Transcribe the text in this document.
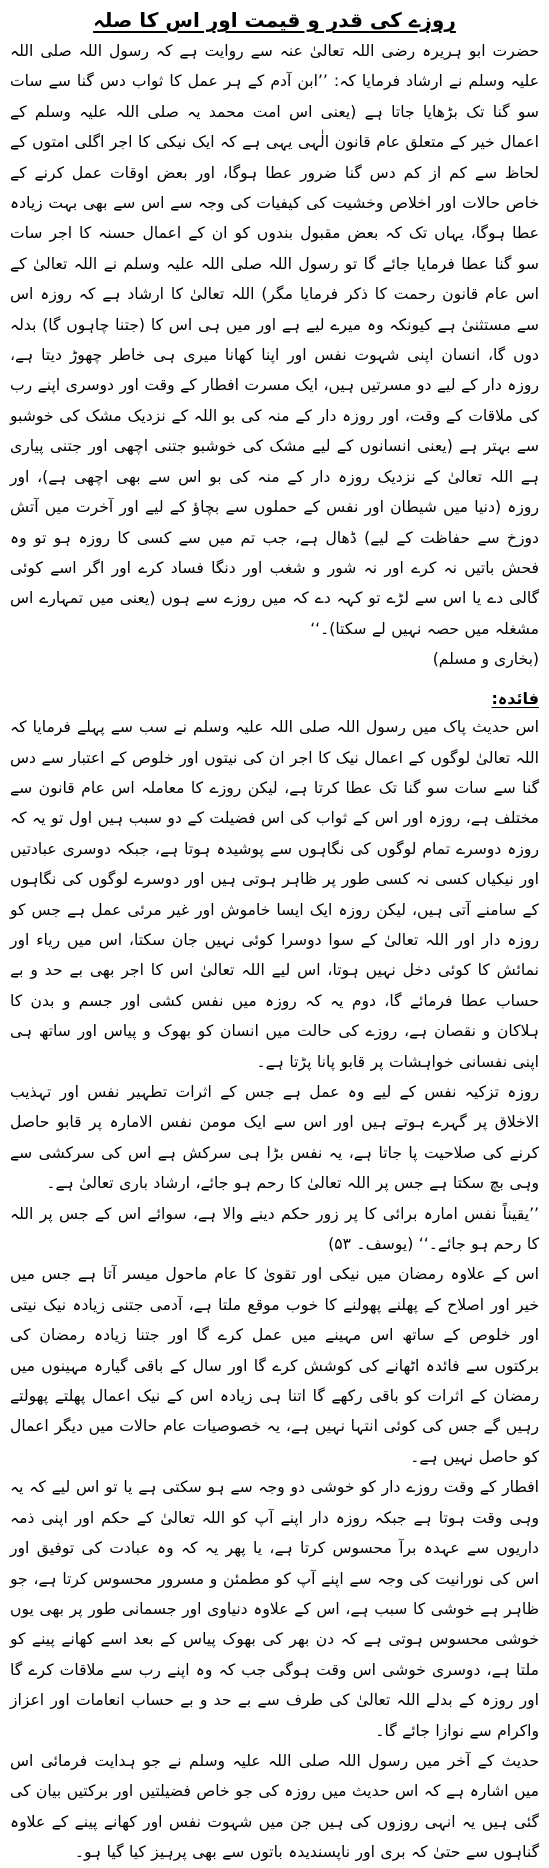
روزے کی قدر و قیمت اور اس کا صلہ

حضرت ابو ہریرہ رضی اللہ تعالیٰ عنہ سے روایت ہے کہ رسول اللہ صلی اللہ علیہ وسلم نے ارشاد فرمایا کہ: ’’ابن آدم کے ہر عمل کا ثواب دس گنا سے سات سو گنا تک بڑھایا جاتا ہے (یعنی اس امت محمد یہ صلی اللہ علیہ وسلم کے اعمال خیر کے متعلق عام قانون الٰہی یہی ہے کہ ایک نیکی کا اجر اگلی امتوں کے لحاظ سے کم از کم دس گنا ضرور عطا ہوگا، اور بعض اوقات عمل کرنے کے خاص حالات اور اخلاص وخشیت کی کیفیات کی وجہ سے اس سے بھی بہت زیادہ عطا ہوگا، یہاں تک کہ بعض مقبول بندوں کو ان کے اعمال حسنہ کا اجر سات سو گنا عطا فرمایا جائے گا تو رسول اللہ صلی اللہ علیہ وسلم نے اللہ تعالیٰ کے اس عام قانون رحمت کا ذکر فرمایا مگر) اللہ تعالیٰ کا ارشاد ہے کہ روزہ اس سے مستثنیٰ ہے کیونکہ وہ میرے لیے ہے اور میں ہی اس کا (جتنا چاہوں گا) بدلہ دوں گا، انسان اپنی شہوت نفس اور اپنا کھانا میری ہی خاطر چھوڑ دیتا ہے، روزہ دار کے لیے دو مسرتیں ہیں، ایک مسرت افطار کے وقت اور دوسری اپنے رب کی ملاقات کے وقت، اور روزہ دار کے منہ کی بو اللہ کے نزدیک مشک کی خوشبو سے بہتر ہے (یعنی انسانوں کے لیے مشک کی خوشبو جتنی اچھی اور جتنی پیاری ہے اللہ تعالیٰ کے نزدیک روزہ دار کے منہ کی بو اس سے بھی اچھی ہے)، اور روزہ (دنیا میں شیطان اور نفس کے حملوں سے بچاؤ کے لیے اور آخرت میں آتش دوزخ سے حفاظت کے لیے) ڈھال ہے، جب تم میں سے کسی کا روزہ ہو تو وہ فحش باتیں نہ کرے اور نہ شور و شغب اور دنگا فساد کرے اور اگر اسے کوئی گالی دے یا اس سے لڑے تو کہہ دے کہ میں روزے سے ہوں (یعنی میں تمہارے اس مشغلہ میں حصہ نہیں لے سکتا)۔‘‘

(بخاری و مسلم)
فائدہ:

اس حدیث پاک میں رسول اللہ صلی اللہ علیہ وسلم نے سب سے پہلے فرمایا کہ اللہ تعالیٰ لوگوں کے اعمال نیک کا اجر ان کی نیتوں اور خلوص کے اعتبار سے دس گنا سے سات سو گنا تک عطا کرتا ہے، لیکن روزے کا معاملہ اس عام قانون سے مختلف ہے، روزہ اور اس کے ثواب کی اس فضیلت کے دو سبب ہیں اول تو یہ کہ روزہ دوسرے تمام لوگوں کی نگاہوں سے پوشیدہ ہوتا ہے، جبکہ دوسری عبادتیں اور نیکیاں کسی نہ کسی طور پر ظاہر ہوتی ہیں اور دوسرے لوگوں کی نگاہوں کے سامنے آتی ہیں، لیکن روزہ ایک ایسا خاموش اور غیر مرئی عمل ہے جس کو روزہ دار اور اللہ تعالیٰ کے سوا دوسرا کوئی نہیں جان سکتا، اس میں ریاء اور نمائش کا کوئی دخل نہیں ہوتا، اس لیے اللہ تعالیٰ اس کا اجر بھی بے حد و بے حساب عطا فرمائے گا، دوم یہ کہ روزہ میں نفس کشی اور جسم و بدن کا ہلاکان و نقصان ہے، روزے کی حالت میں انسان کو بھوک و پیاس اور ساتھ ہی اپنی نفسانی خواہشات پر قابو پانا پڑتا ہے۔

روزہ تزکیہ نفس کے لیے وہ عمل ہے جس کے اثرات تطہیر نفس اور تہذیب الاخلاق پر گہرے ہوتے ہیں اور اس سے ایک مومن نفس الامارہ پر قابو حاصل کرنے کی صلاحیت پا جاتا ہے، یہ نفس بڑا ہی سرکش ہے اس کی سرکشی سے وہی بچ سکتا ہے جس پر اللہ تعالیٰ کا رحم ہو جائے، ارشاد باری تعالیٰ ہے۔

’’یقیناً نفس امارہ برائی کا پر زور حکم دینے والا ہے، سوائے اس کے جس پر اللہ کا رحم ہو جائے۔‘‘ (یوسف۔ ۵۳)

اس کے علاوہ رمضان میں نیکی اور تقویٰ کا عام ماحول میسر آتا ہے جس میں خیر اور اصلاح کے پھلنے پھولنے کا خوب موقع ملتا ہے، آدمی جتنی زیادہ نیک نیتی اور خلوص کے ساتھ اس مہینے میں عمل کرے گا اور جتنا زیادہ رمضان کی برکتوں سے فائدہ اٹھانے کی کوشش کرے گا اور سال کے باقی گیارہ مہینوں میں رمضان کے اثرات کو باقی رکھے گا اتنا ہی زیادہ اس کے نیک اعمال پھلتے پھولتے رہیں گے جس کی کوئی انتہا نہیں ہے، یہ خصوصیات عام حالات میں دیگر اعمال کو حاصل نہیں ہے۔

افطار کے وقت روزے دار کو خوشی دو وجہ سے ہو سکتی ہے یا تو اس لیے کہ یہ وہی وقت ہوتا ہے جبکہ روزہ دار اپنے آپ کو اللہ تعالیٰ کے حکم اور اپنی ذمہ داریوں سے عہدہ برآ محسوس کرتا ہے، یا پھر یہ کہ وہ عبادت کی توفیق اور اس کی نورانیت کی وجہ سے اپنے آپ کو مطمئن و مسرور محسوس کرتا ہے، جو ظاہر ہے خوشی کا سبب ہے، اس کے علاوہ دنیاوی اور جسمانی طور پر بھی یوں خوشی محسوس ہوتی ہے کہ دن بھر کی بھوک پیاس کے بعد اسے کھانے پینے کو ملتا ہے، دوسری خوشی اس وقت ہوگی جب کہ وہ اپنے رب سے ملاقات کرے گا اور روزہ کے بدلے اللہ تعالیٰ کی طرف سے بے حد و بے حساب انعامات اور اعزاز واکرام سے نوازا جائے گا۔

حدیث کے آخر میں رسول اللہ صلی اللہ علیہ وسلم نے جو ہدایت فرمائی اس میں اشارہ ہے کہ اس حدیث میں روزہ کی جو خاص فضیلتیں اور برکتیں بیان کی گئی ہیں یہ انہی روزوں کی ہیں جن میں شہوت نفس اور کھانے پینے کے علاوہ گناہوں سے حتیٰ کہ بری اور ناپسندیدہ باتوں سے بھی پرہیز کیا گیا ہو۔
